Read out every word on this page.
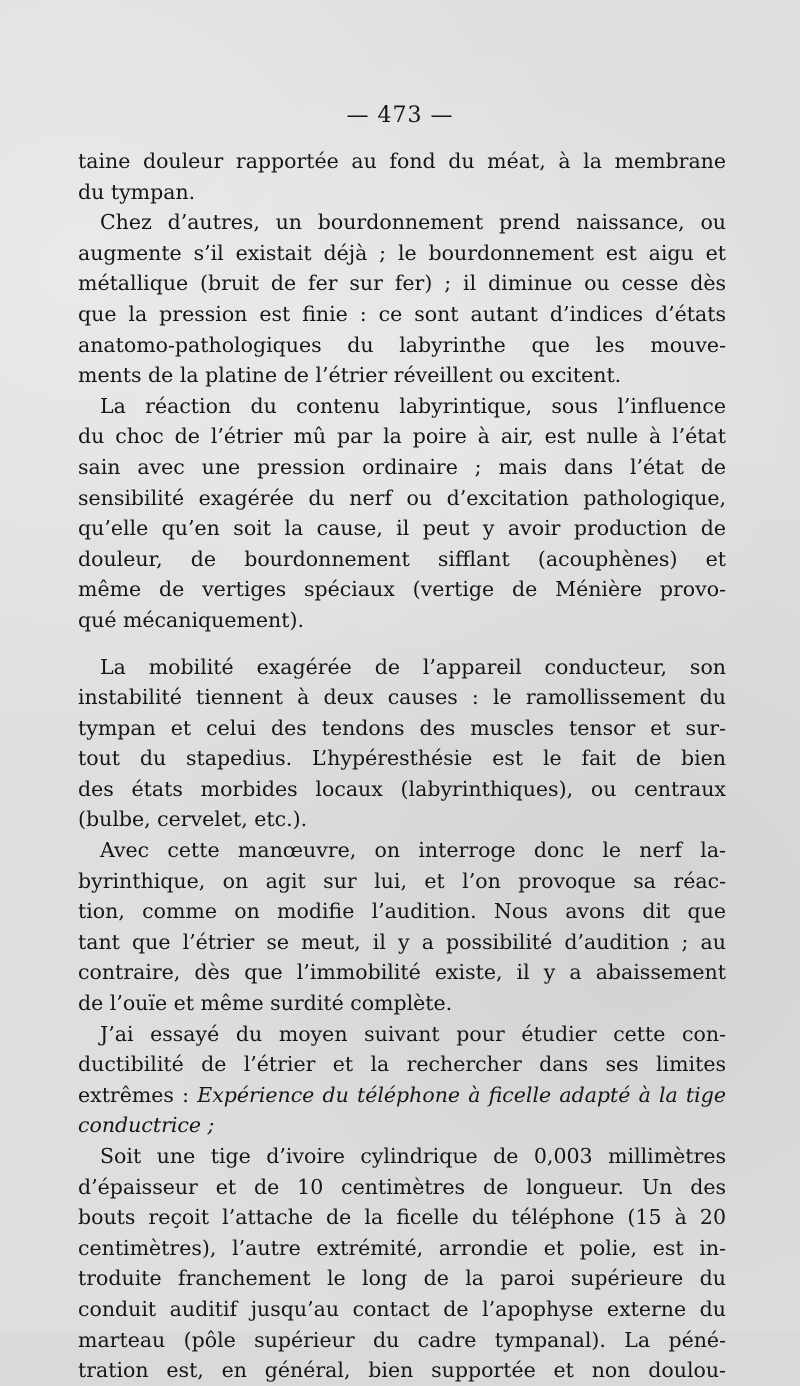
— 473 —
taine douleur rapportée au fond du méat, à la membrane
du tympan.
Chez d’autres, un bourdonnement prend naissance, ou
augmente s’il existait déjà ; le bourdonnement est aigu et
métallique (bruit de fer sur fer) ; il diminue ou cesse dès
que la pression est finie : ce sont autant d’indices d’états
anatomo-pathologiques du labyrinthe que les mouve-
ments de la platine de l’étrier réveillent ou excitent.
La réaction du contenu labyrintique, sous l’influence
du choc de l’étrier mû par la poire à air, est nulle à l’état
sain avec une pression ordinaire ; mais dans l’état de
sensibilité exagérée du nerf ou d’excitation pathologique,
qu’elle qu’en soit la cause, il peut y avoir production de
douleur, de bourdonnement sifflant (acouphènes) et
même de vertiges spéciaux (vertige de Ménière provo-
qué mécaniquement).
La mobilité exagérée de l’appareil conducteur, son
instabilité tiennent à deux causes : le ramollissement du
tympan et celui des tendons des muscles tensor et sur-
tout du stapedius. L’hypéresthésie est le fait de bien
des états morbides locaux (labyrinthiques), ou centraux
(bulbe, cervelet, etc.).
Avec cette manœuvre, on interroge donc le nerf la-
byrinthique, on agit sur lui, et l’on provoque sa réac-
tion, comme on modifie l’audition. Nous avons dit que
tant que l’étrier se meut, il y a possibilité d’audition ; au
contraire, dès que l’immobilité existe, il y a abaissement
de l’ouïe et même surdité complète.
J’ai essayé du moyen suivant pour étudier cette con-
ductibilité de l’étrier et la rechercher dans ses limites
extrêmes : Expérience du téléphone à ficelle adapté à la tige
conductrice ;
Soit une tige d’ivoire cylindrique de 0,003 millimètres
d’épaisseur et de 10 centimètres de longueur. Un des
bouts reçoit l’attache de la ficelle du téléphone (15 à 20
centimètres), l’autre extrémité, arrondie et polie, est in-
troduite franchement le long de la paroi supérieure du
conduit auditif jusqu’au contact de l’apophyse externe du
marteau (pôle supérieur du cadre tympanal). La péné-
tration est, en général, bien supportée et non doulou-
